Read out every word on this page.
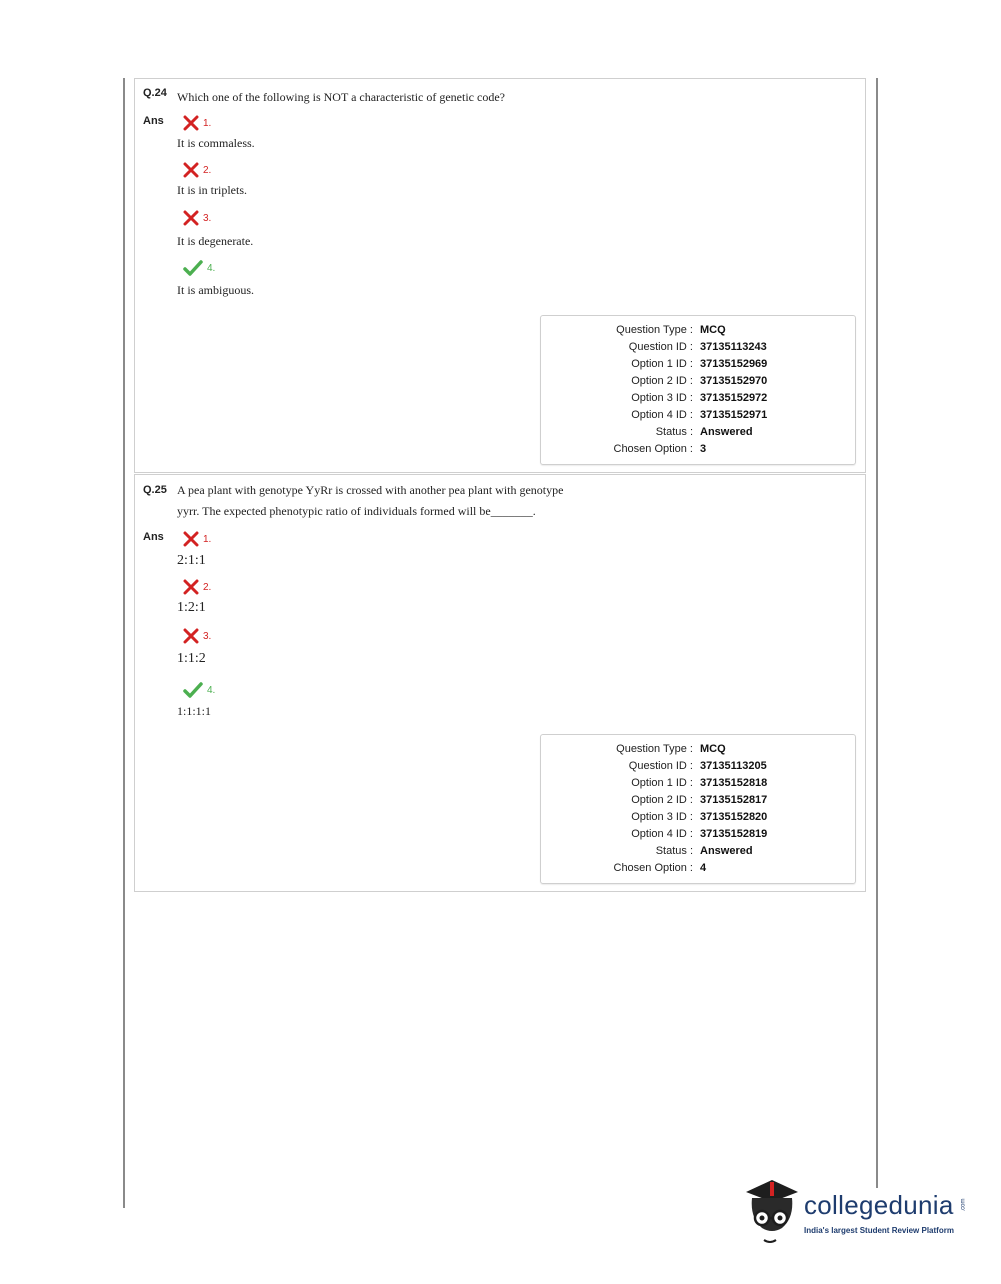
Q.24 Which one of the following is NOT a characteristic of genetic code?
Ans	1.
It is commaless.
2.
It is in triplets.
3.
It is degenerate.
4.
It is ambiguous.
Question Type : MCQ
Question ID : 37135113243
Option 1 ID : 37135152969
Option 2 ID : 37135152970
Option 3 ID : 37135152972
Option 4 ID : 37135152971
Status : Answered
Chosen Option : 3
Q.25 A pea plant with genotype YyRr is crossed with another pea plant with genotype
yyrr. The expected phenotypic ratio of individuals formed will be_______.
Ans	1.
2:1:1
2.
1:2:1
3.
1:1:2
4.
1:1:1:1
Question Type : MCQ
Question ID : 37135113205
Option 1 ID : 37135152818
Option 2 ID : 37135152817
Option 3 ID : 37135152820
Option 4 ID : 37135152819
Status : Answered
Chosen Option : 4
collegedunia .com
India's largest Student Review Platform
